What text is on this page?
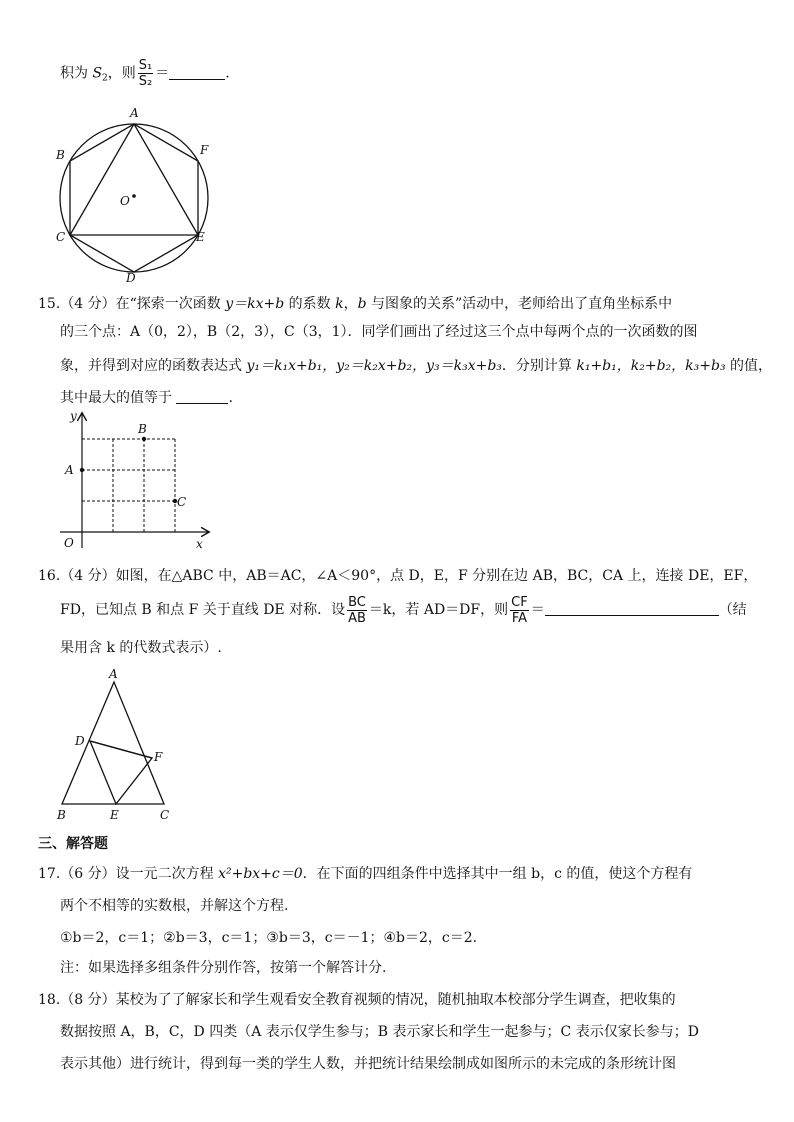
积为 $S_2$，则 $\frac{\text{S₁}}{\text{S₂}}$ ＝	.
A
B	F
O
C	E
D
15.（4 分）在“探索一次函数 y＝kx+b 的系数 k，b 与图象的关系”活动中，老师给出了直角坐标系中
的三个点：A（0，2），B（2，3），C（3，1）．同学们画出了经过这三个点中每两个点的一次函数的图
象，并得到对应的函数表达式 y₁＝k₁x+b₁，y₂＝k₂x+b₂，y₃＝k₃x+b₃．分别计算 k₁+b₁，k₂+b₂，k₃+b₃ 的值，
其中最大的值等于	.
y
x
O
A
B
C
16.（4 分）如图，在△ABC 中，AB＝AC，∠A＜90°，点 D，E，F 分别在边 AB，BC，CA 上，连接 DE，EF，
FD，已知点 B 和点 F 关于直线 DE 对称．设 $\frac{BC}{AB} =k$，若 AD＝DF，则 $\frac{CF}{FA}$ ＝	（结
果用含 k 的代数式表示）.
A
D
F
B	E	C
三、解答题
17.（6 分）设一元二次方程 x²+bx+c＝0．在下面的四组条件中选择其中一组 b，c 的值，使这个方程有
两个不相等的实数根，并解这个方程.
①b＝2，c＝1；②b＝3，c＝1；③b＝3，c＝－1；④b＝2，c＝2.
注：如果选择多组条件分别作答，按第一个解答计分.
18.（8 分）某校为了了解家长和学生观看安全教育视频的情况，随机抽取本校部分学生调查，把收集的
数据按照 A，B，C，D 四类（A 表示仅学生参与；B 表示家长和学生一起参与；C 表示仅家长参与；D
表示其他）进行统计，得到每一类的学生人数，并把统计结果绘制成如图所示的未完成的条形统计图
